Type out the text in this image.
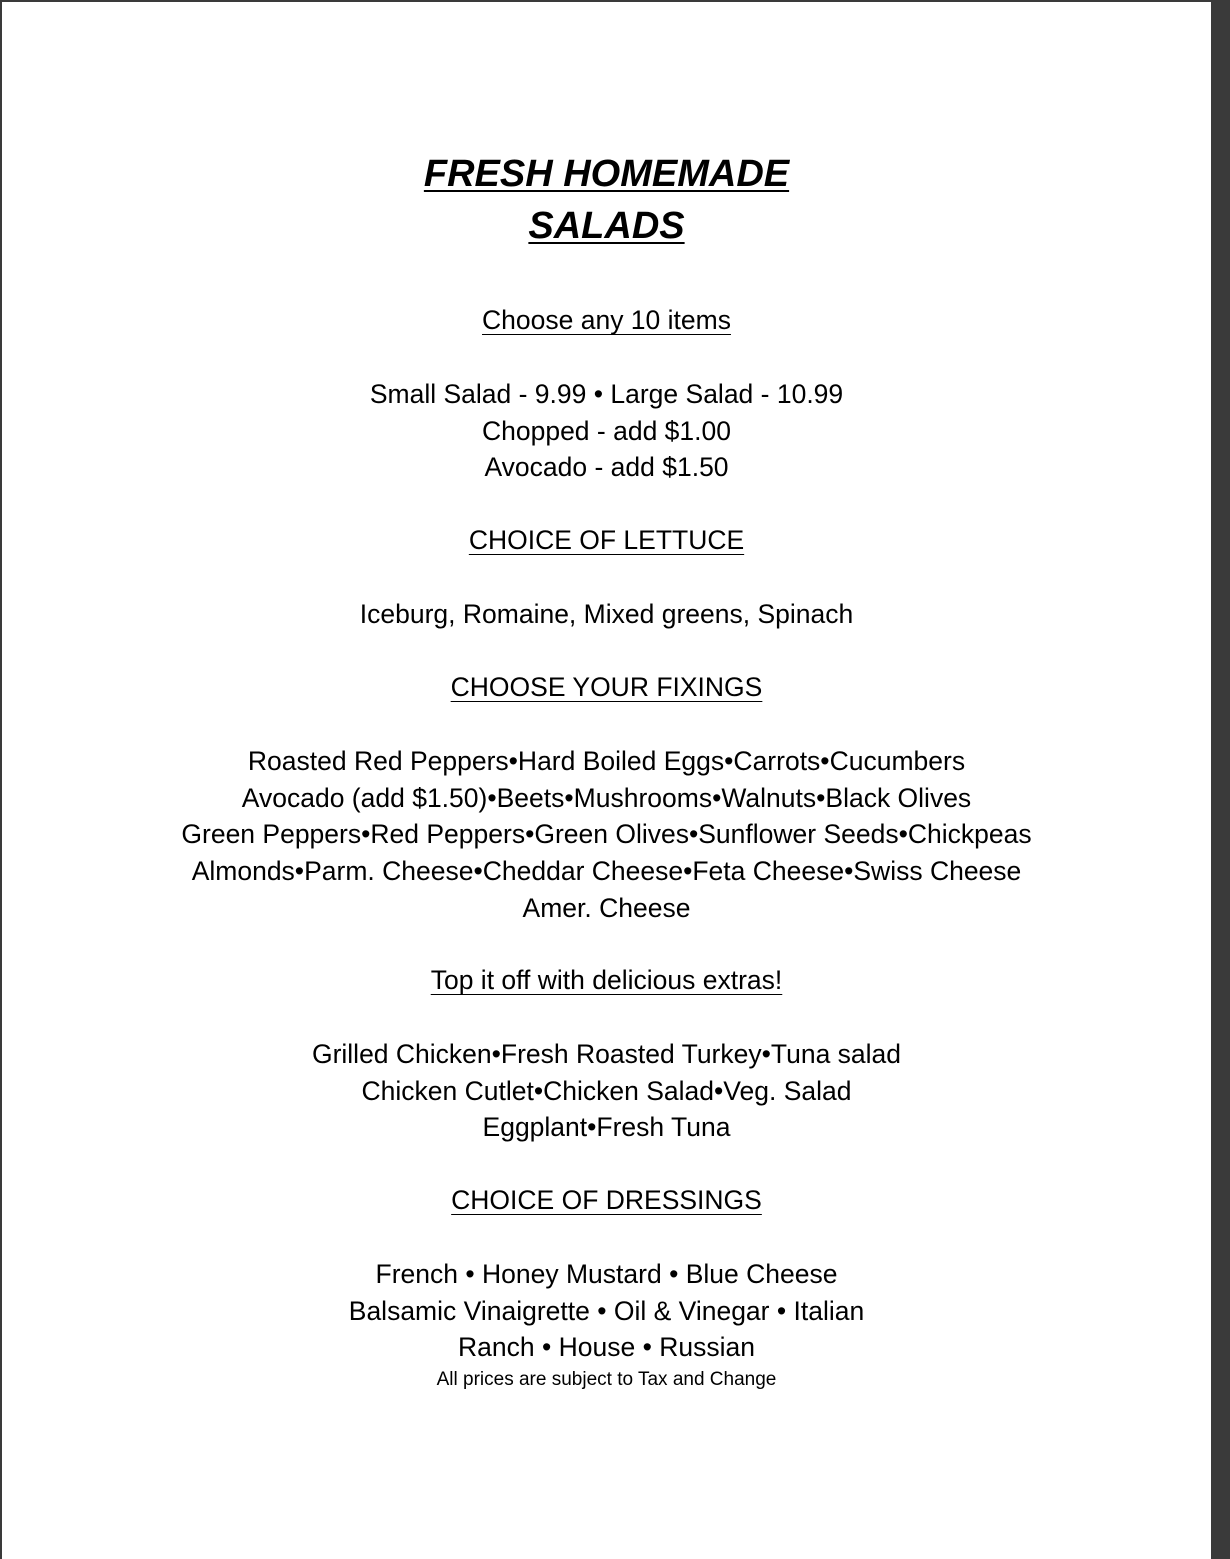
FRESH HOMEMADE
SALADS

Choose any 10 items

Small Salad - 9.99 • Large Salad - 10.99
Chopped - add $1.00
Avocado - add $1.50

CHOICE OF LETTUCE

Iceburg, Romaine, Mixed greens, Spinach

CHOOSE YOUR FIXINGS

Roasted Red Peppers•Hard Boiled Eggs•Carrots•Cucumbers
Avocado (add $1.50)•Beets•Mushrooms•Walnuts•Black Olives
Green Peppers•Red Peppers•Green Olives•Sunflower Seeds•Chickpeas
Almonds•Parm. Cheese•Cheddar Cheese•Feta Cheese•Swiss Cheese
Amer. Cheese

Top it off with delicious extras!

Grilled Chicken•Fresh Roasted Turkey•Tuna salad
Chicken Cutlet•Chicken Salad•Veg. Salad
Eggplant•Fresh Tuna

CHOICE OF DRESSINGS

French • Honey Mustard • Blue Cheese
Balsamic Vinaigrette • Oil & Vinegar • Italian
Ranch • House • Russian

All prices are subject to Tax and Change
